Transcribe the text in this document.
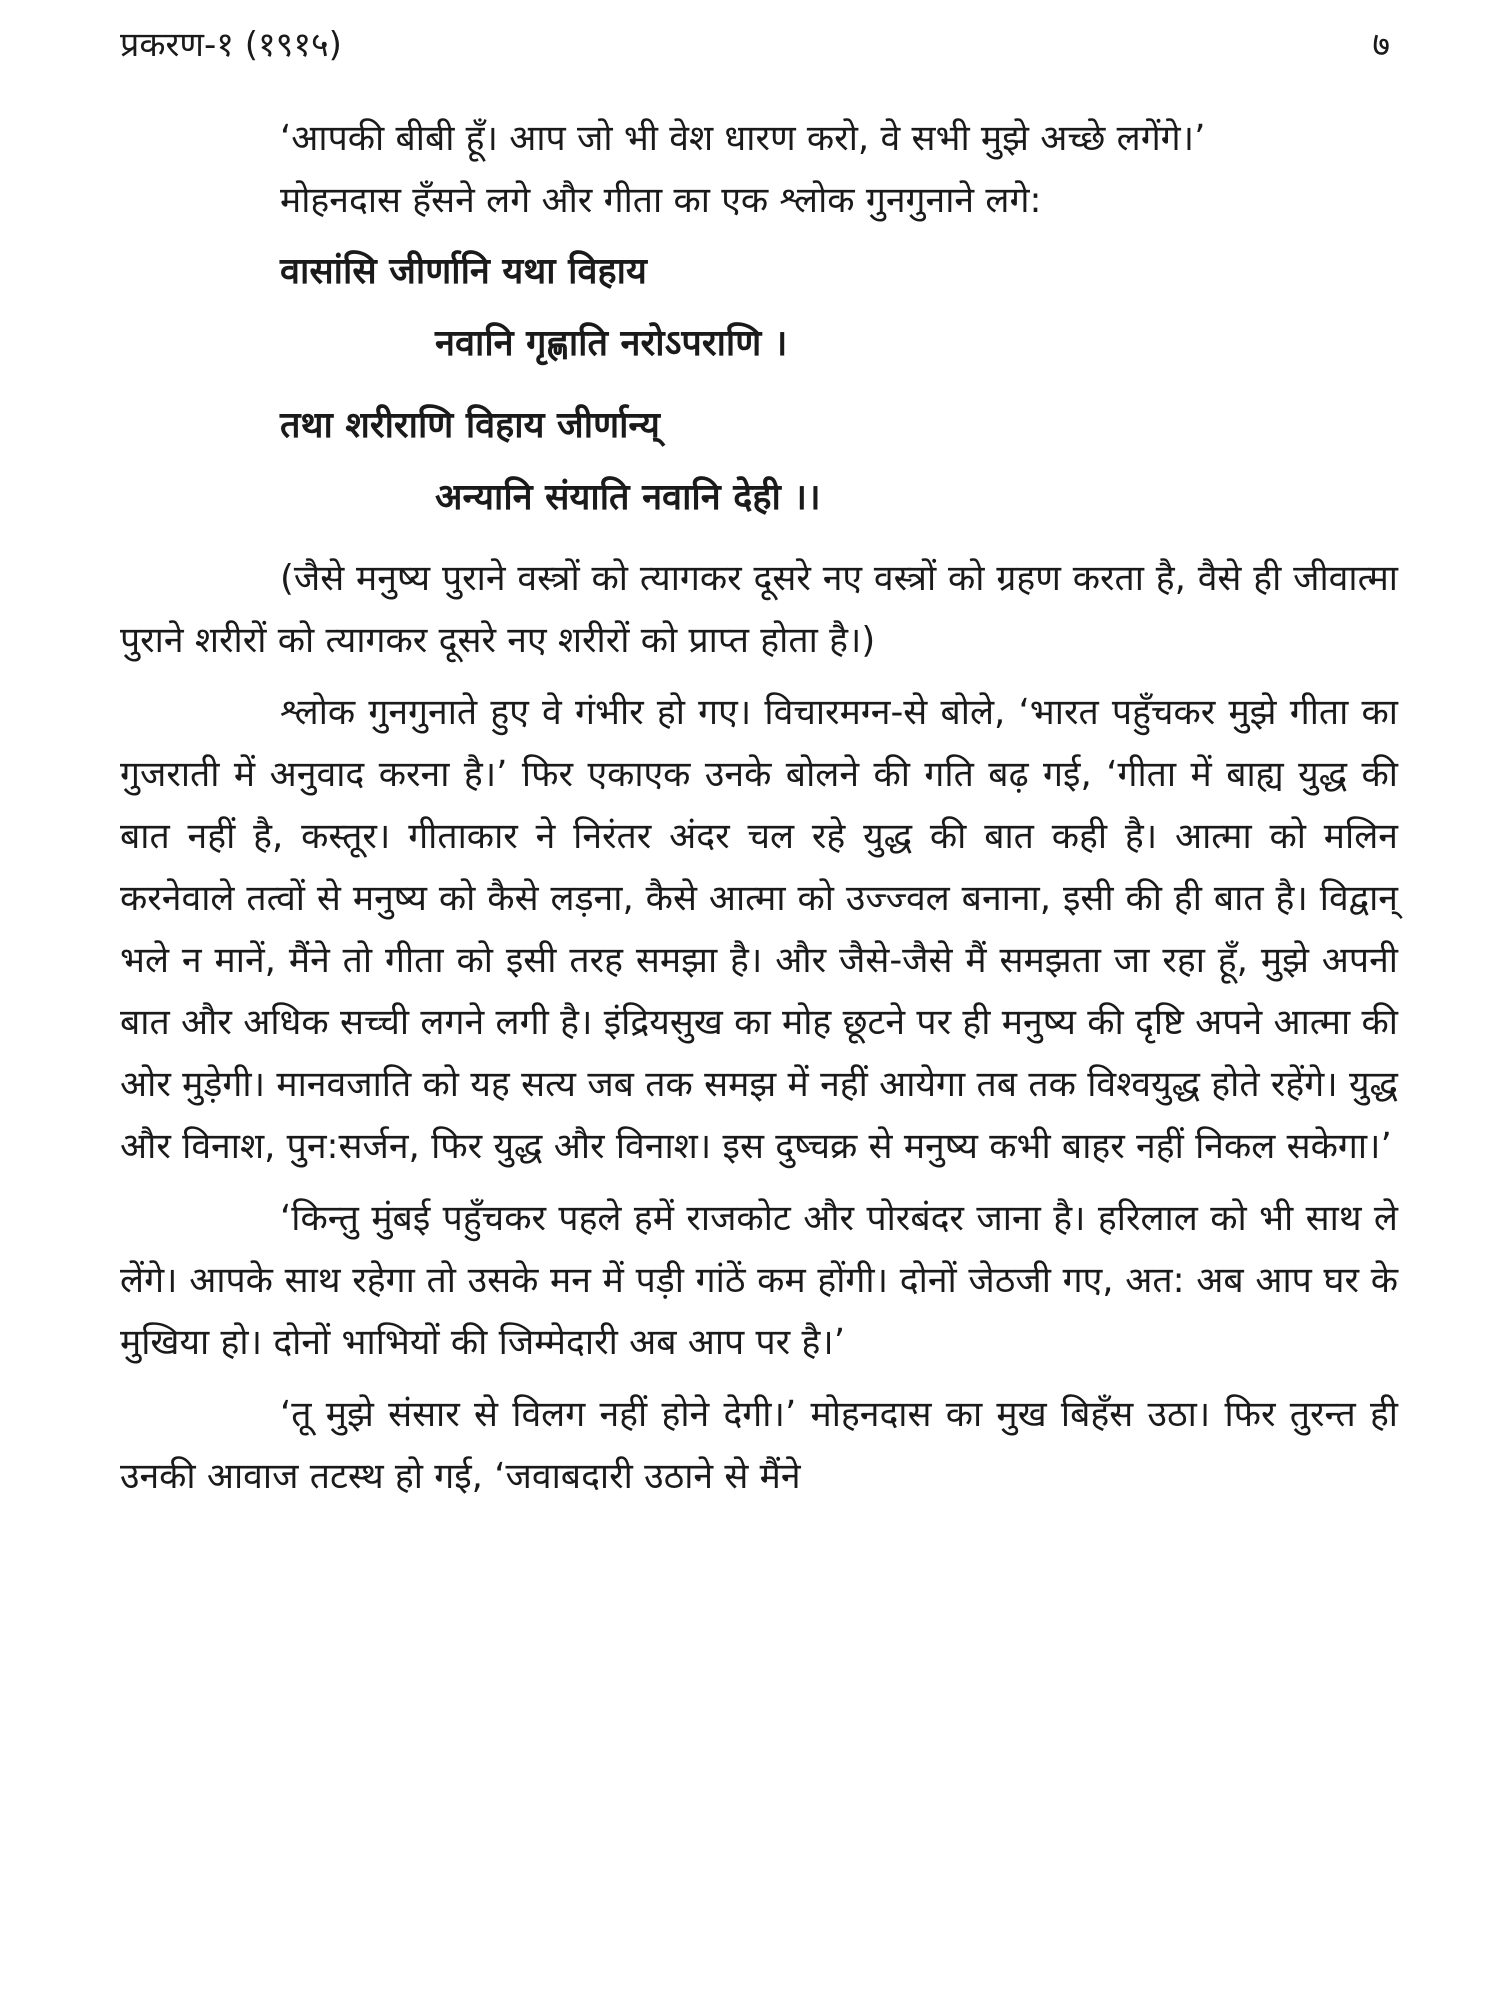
प्रकरण-१ (१९१५)	७

‘आपकी बीबी हूँ। आप जो भी वेश धारण करो, वे सभी मुझे अच्छे लगेंगे।’

मोहनदास हँसने लगे और गीता का एक श्लोक गुनगुनाने लगे:

वासांसि जीर्णानि यथा विहाय
नवानि गृह्णाति नरोऽपराणि ।
तथा शरीराणि विहाय जीर्णान्य्
अन्यानि संयाति नवानि देही ।।

(जैसे मनुष्य पुराने वस्त्रों को त्यागकर दूसरे नए वस्त्रों को ग्रहण करता है, वैसे ही जीवात्मा पुराने शरीरों को त्यागकर दूसरे नए शरीरों को प्राप्त होता है।)

श्लोक गुनगुनाते हुए वे गंभीर हो गए। विचारमग्न-से बोले, ‘भारत पहुँचकर मुझे गीता का गुजराती में अनुवाद करना है।’ फिर एकाएक उनके बोलने की गति बढ़ गई, ‘गीता में बाह्य युद्ध की बात नहीं है, कस्तूर। गीताकार ने निरंतर अंदर चल रहे युद्ध की बात कही है। आत्मा को मलिन करनेवाले तत्वों से मनुष्य को कैसे लड़ना, कैसे आत्मा को उज्ज्वल बनाना, इसी की ही बात है। विद्वान् भले न मानें, मैंने तो गीता को इसी तरह समझा है। और जैसे-जैसे मैं समझता जा रहा हूँ, मुझे अपनी बात और अधिक सच्ची लगने लगी है। इंद्रियसुख का मोह छूटने पर ही मनुष्य की दृष्टि अपने आत्मा की ओर मुड़ेगी। मानवजाति को यह सत्य जब तक समझ में नहीं आयेगा तब तक विश्वयुद्ध होते रहेंगे। युद्ध और विनाश, पुन:सर्जन, फिर युद्ध और विनाश। इस दुष्चक्र से मनुष्य कभी बाहर नहीं निकल सकेगा।’

‘किन्तु मुंबई पहुँचकर पहले हमें राजकोट और पोरबंदर जाना है। हरिलाल को भी साथ ले लेंगे। आपके साथ रहेगा तो उसके मन में पड़ी गांठें कम होंगी। दोनों जेठजी गए, अत: अब आप घर के मुखिया हो। दोनों भाभियों की जिम्मेदारी अब आप पर है।’

‘तू मुझे संसार से विलग नहीं होने देगी।’ मोहनदास का मुख बिहँस उठा। फिर तुरन्त ही उनकी आवाज तटस्थ हो गई, ‘जवाबदारी उठाने से मैंने
